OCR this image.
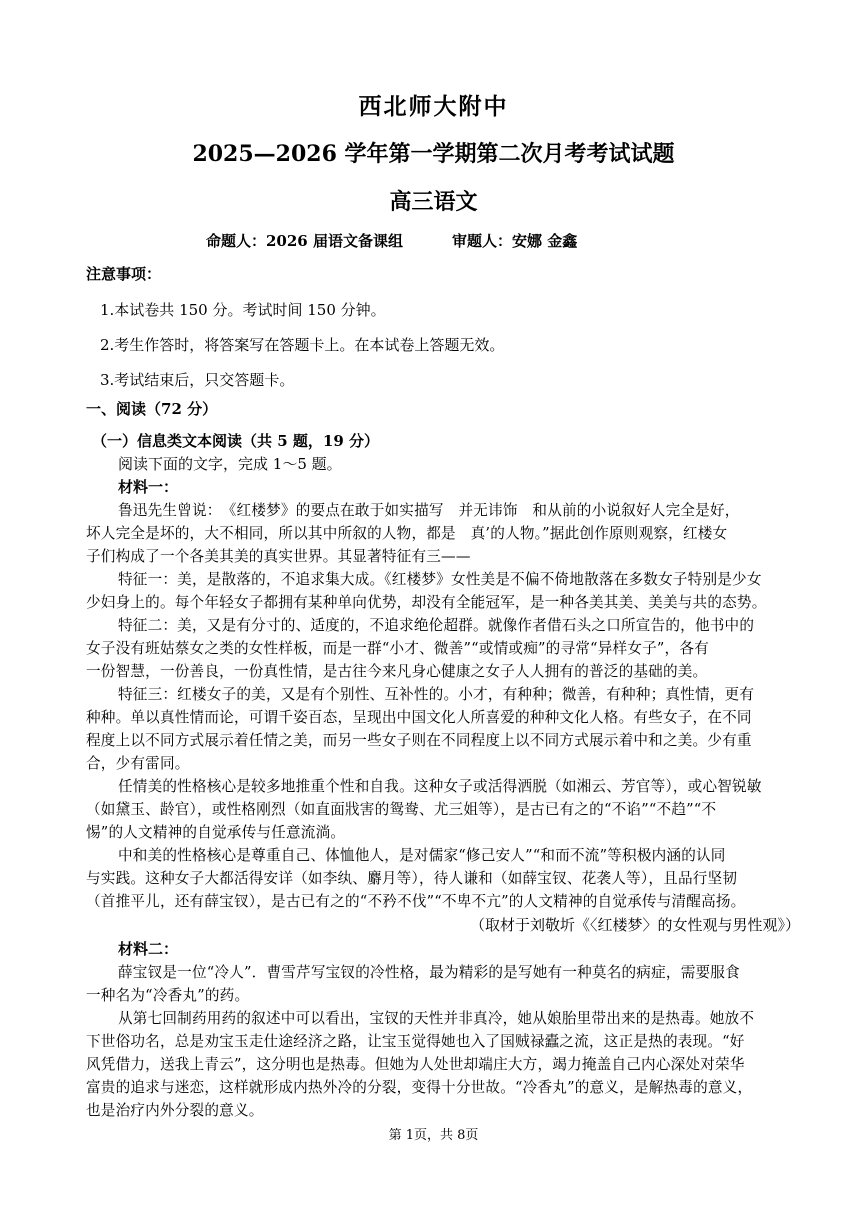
西北师大附中
2025—2026 学年第一学期第二次月考考试试题
高三语文
命题人：2026 届语文备课组	审题人：安娜 金鑫
注意事项：
1.本试卷共 150 分。考试时间 150 分钟。
2.考生作答时，将答案写在答题卡上。在本试卷上答题无效。
3.考试结束后，只交答题卡。
一、阅读（72 分）
（一）信息类文本阅读（共 5 题，19 分）
阅读下面的文字，完成 1～5 题。
材料一：
鲁迅先生曾说：　《红楼梦》的要点在敢于如实描写　并无讳饰　和从前的小说叙好人完全是好，
坏人完全是坏的，大不相同，所以其中所叙的人物，都是　真’的人物。”据此创作原则观察，红楼女
子们构成了一个各美其美的真实世界。其显著特征有三——
特征一：美，是散落的，不追求集大成。《红楼梦》女性美是不偏不倚地散落在多数女子特别是少女
少妇身上的。每个年轻女子都拥有某种单向优势，却没有全能冠军，是一种各美其美、美美与共的态势。
特征二：美，又是有分寸的、适度的，不追求绝伦超群。就像作者借石头之口所宣告的，他书中的
女子没有班姑蔡女之类的女性样板，而是一群“小才、微善”“或情或痴”的寻常“异样女子”，各有
一份智慧，一份善良，一份真性情，是古往今来凡身心健康之女子人人拥有的普泛的基础的美。
特征三：红楼女子的美，又是有个别性、互补性的。小才，有种种；微善，有种种；真性情，更有
种种。单以真性情而论，可谓千姿百态，呈现出中国文化人所喜爱的种种文化人格。有些女子，在不同
程度上以不同方式展示着任情之美，而另一些女子则在不同程度上以不同方式展示着中和之美。少有重
合，少有雷同。
任情美的性格核心是较多地推重个性和自我。这种女子或活得洒脱（如湘云、芳官等），或心智锐敏
（如黛玉、龄官），或性格刚烈（如直面戕害的鸳鸯、尤三姐等），是古已有之的“不谄”“不趋”“不
惕”的人文精神的自觉承传与任意流淌。
中和美的性格核心是尊重自己、体恤他人，是对儒家“修己安人”“和而不流”等积极内涵的认同
与实践。这种女子大都活得安详（如李纨、麝月等），待人谦和（如薛宝钗、花袭人等），且品行坚韧
（首推平儿，还有薛宝钗），是古已有之的“不矜不伐”“不卑不亢”的人文精神的自觉承传与清醒高扬。
（取材于刘敬圻《〈红楼梦〉的女性观与男性观》）
材料二：
薛宝钗是一位“冷人”．曹雪芹写宝钗的冷性格，最为精彩的是写她有一种莫名的病症，需要服食
一种名为“冷香丸”的药。
从第七回制药用药的叙述中可以看出，宝钗的天性并非真冷，她从娘胎里带出来的是热毒。她放不
下世俗功名，总是劝宝玉走仕途经济之路，让宝玉觉得她也入了国贼禄蠹之流，这正是热的表现。“好
风凭借力，送我上青云”，这分明也是热毒。但她为人处世却端庄大方，竭力掩盖自己内心深处对荣华
富贵的追求与迷恋，这样就形成内热外冷的分裂，变得十分世故。“冷香丸”的意义，是解热毒的意义，
也是治疗内外分裂的意义。
第 1页，共 8页
